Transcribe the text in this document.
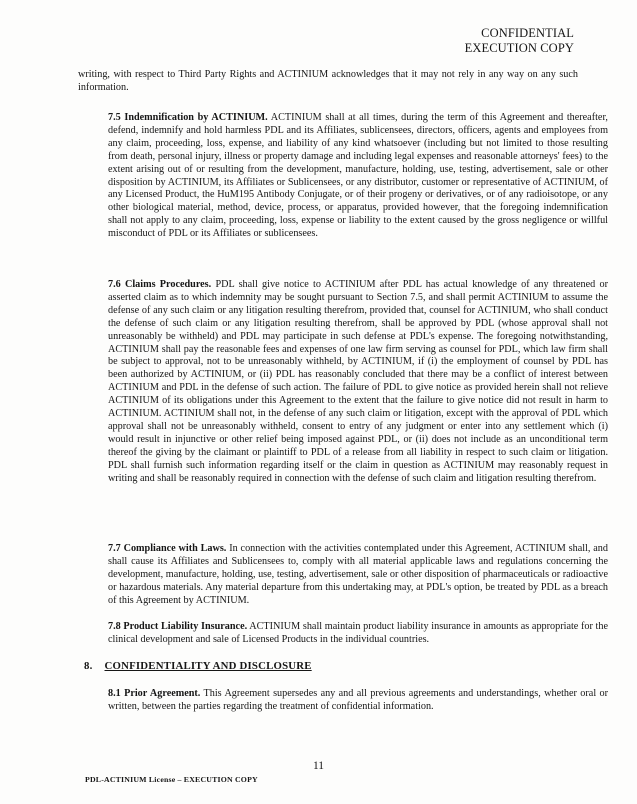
CONFIDENTIAL
EXECUTION COPY

writing, with respect to Third Party Rights and ACTINIUM acknowledges that it may not rely in any way on any such information.

7.5 Indemnification by ACTINIUM. ACTINIUM shall at all times, during the term of this Agreement and thereafter, defend, indemnify and hold harmless PDL and its Affiliates, sublicensees, directors, officers, agents and employees from any claim, proceeding, loss, expense, and liability of any kind whatsoever (including but not limited to those resulting from death, personal injury, illness or property damage and including legal expenses and reasonable attorneys' fees) to the extent arising out of or resulting from the development, manufacture, holding, use, testing, advertisement, sale or other disposition by ACTINIUM, its Affiliates or Sublicensees, or any distributor, customer or representative of ACTINIUM, of any Licensed Product, the HuM195 Antibody Conjugate, or of their progeny or derivatives, or of any radioisotope, or any other biological material, method, device, process, or apparatus, provided however, that the foregoing indemnification shall not apply to any claim, proceeding, loss, expense or liability to the extent caused by the gross negligence or willful misconduct of PDL or its Affiliates or sublicensees.

7.6 Claims Procedures. PDL shall give notice to ACTINIUM after PDL has actual knowledge of any threatened or asserted claim as to which indemnity may be sought pursuant to Section 7.5, and shall permit ACTINIUM to assume the defense of any such claim or any litigation resulting therefrom, provided that, counsel for ACTINIUM, who shall conduct the defense of such claim or any litigation resulting therefrom, shall be approved by PDL (whose approval shall not unreasonably be withheld) and PDL may participate in such defense at PDL's expense. The foregoing notwithstanding, ACTINIUM shall pay the reasonable fees and expenses of one law firm serving as counsel for PDL, which law firm shall be subject to approval, not to be unreasonably withheld, by ACTINIUM, if (i) the employment of counsel by PDL has been authorized by ACTINIUM, or (ii) PDL has reasonably concluded that there may be a conflict of interest between ACTINIUM and PDL in the defense of such action. The failure of PDL to give notice as provided herein shall not relieve ACTINIUM of its obligations under this Agreement to the extent that the failure to give notice did not result in harm to ACTINIUM. ACTINIUM shall not, in the defense of any such claim or litigation, except with the approval of PDL which approval shall not be unreasonably withheld, consent to entry of any judgment or enter into any settlement which (i) would result in injunctive or other relief being imposed against PDL, or (ii) does not include as an unconditional term thereof the giving by the claimant or plaintiff to PDL of a release from all liability in respect to such claim or litigation. PDL shall furnish such information regarding itself or the claim in question as ACTINIUM may reasonably request in writing and shall be reasonably required in connection with the defense of such claim and litigation resulting therefrom.

7.7 Compliance with Laws. In connection with the activities contemplated under this Agreement, ACTINIUM shall, and shall cause its Affiliates and Sublicensees to, comply with all material applicable laws and regulations concerning the development, manufacture, holding, use, testing, advertisement, sale or other disposition of pharmaceuticals or radioactive or hazardous materials. Any material departure from this undertaking may, at PDL's option, be treated by PDL as a breach of this Agreement by ACTINIUM.

7.8 Product Liability Insurance. ACTINIUM shall maintain product liability insurance in amounts as appropriate for the clinical development and sale of Licensed Products in the individual countries.

8. CONFIDENTIALITY AND DISCLOSURE

8.1 Prior Agreement. This Agreement supersedes any and all previous agreements and understandings, whether oral or written, between the parties regarding the treatment of confidential information.

11
PDL-ACTINIUM License – EXECUTION COPY
